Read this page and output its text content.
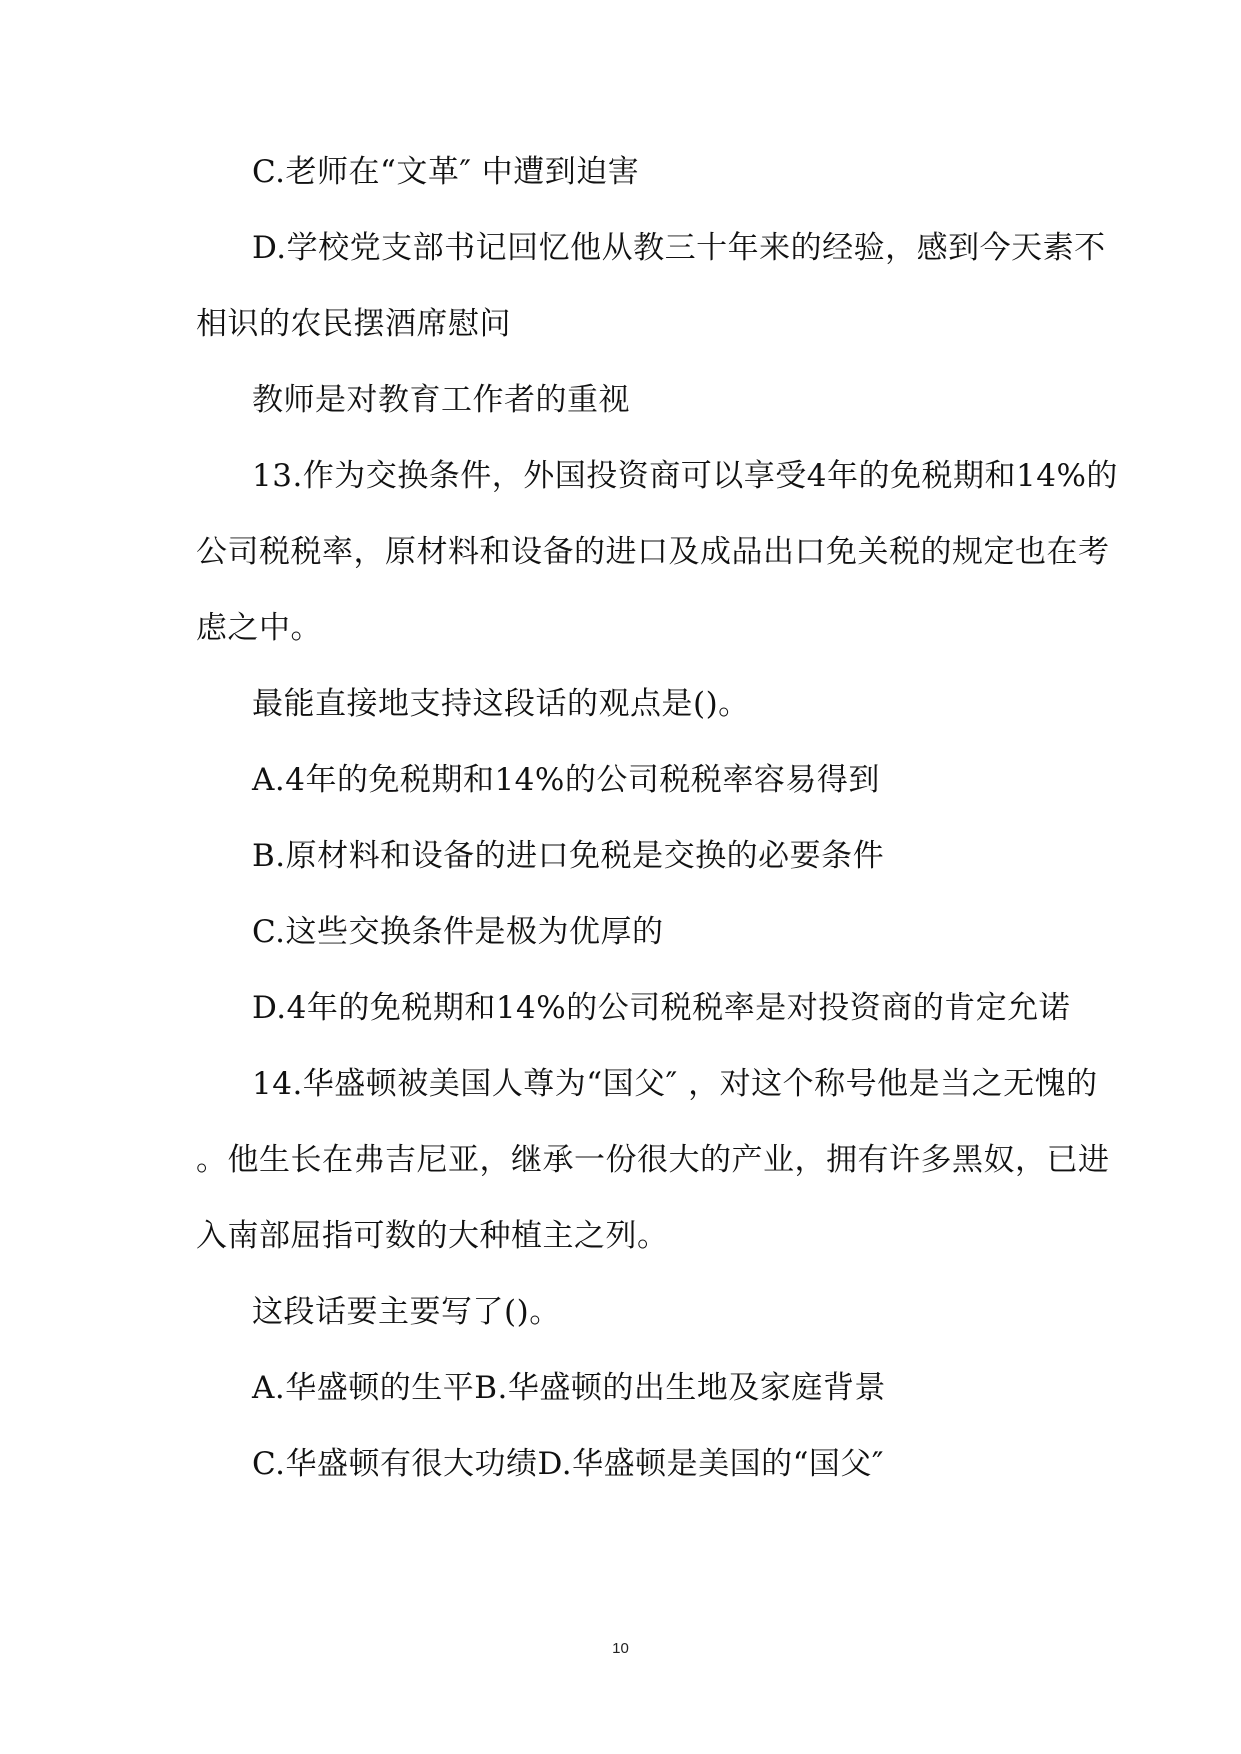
C.老师在“文革″ 中遭到迫害

D.学校党支部书记回忆他从教三十年来的经验，感到今天素不

相识的农民摆酒席慰问

教师是对教育工作者的重视

13.作为交换条件，外国投资商可以享受4年的免税期和14%的

公司税税率，原材料和设备的进口及成品出口免关税的规定也在考

虑之中。

最能直接地支持这段话的观点是()。

A.4年的免税期和14%的公司税税率容易得到

B.原材料和设备的进口免税是交换的必要条件

C.这些交换条件是极为优厚的

D.4年的免税期和14%的公司税税率是对投资商的肯定允诺

14.华盛顿被美国人尊为“国父″ ，对这个称号他是当之无愧的

。他生长在弗吉尼亚，继承一份很大的产业，拥有许多黑奴，已进

入南部屈指可数的大种植主之列。

这段话要主要写了()。

A.华盛顿的生平B.华盛顿的出生地及家庭背景

C.华盛顿有很大功绩D.华盛顿是美国的“国父″

10
